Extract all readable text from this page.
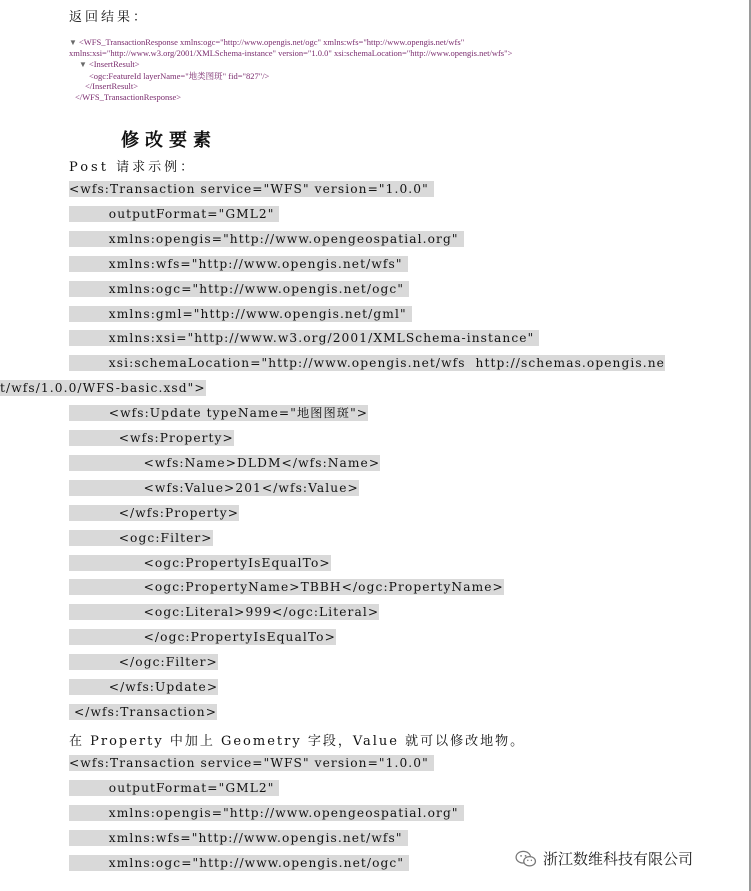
返回结果：
▼ <WFS_TransactionResponse xmlns:ogc="http://www.opengis.net/ogc" xmlns:wfs="http://www.opengis.net/wfs"
xmlns:xsi="http://www.w3.org/2001/XMLSchema-instance" version="1.0.0" xsi:schemaLocation="http://www.opengis.net/wfs">
▼ <InsertResult>
<ogc:FeatureId layerName="地类图斑" fid="827"/>
</InsertResult>
</WFS_TransactionResponse>
修改要素
Post 请求示例：
<wfs:Transaction service="WFS" version="1.0.0"
outputFormat="GML2"
xmlns:opengis="http://www.opengeospatial.org"
xmlns:wfs="http://www.opengis.net/wfs"
xmlns:ogc="http://www.opengis.net/ogc"
xmlns:gml="http://www.opengis.net/gml"
xmlns:xsi="http://www.w3.org/2001/XMLSchema-instance"
xsi:schemaLocation="http://www.opengis.net/wfs  http://schemas.opengis.ne
t/wfs/1.0.0/WFS-basic.xsd">
<wfs:Update typeName="地图图斑">
<wfs:Property>
<wfs:Name>DLDM</wfs:Name>
<wfs:Value>201</wfs:Value>
</wfs:Property>
<ogc:Filter>
<ogc:PropertyIsEqualTo>
<ogc:PropertyName>TBBH</ogc:PropertyName>
<ogc:Literal>999</ogc:Literal>
</ogc:PropertyIsEqualTo>
</ogc:Filter>
</wfs:Update>
</wfs:Transaction>
在 Property 中加上 Geometry 字段，Value 就可以修改地物。
<wfs:Transaction service="WFS" version="1.0.0"
outputFormat="GML2"
xmlns:opengis="http://www.opengeospatial.org"
xmlns:wfs="http://www.opengis.net/wfs"
xmlns:ogc="http://www.opengis.net/ogc"	浙江数维科技有限公司
